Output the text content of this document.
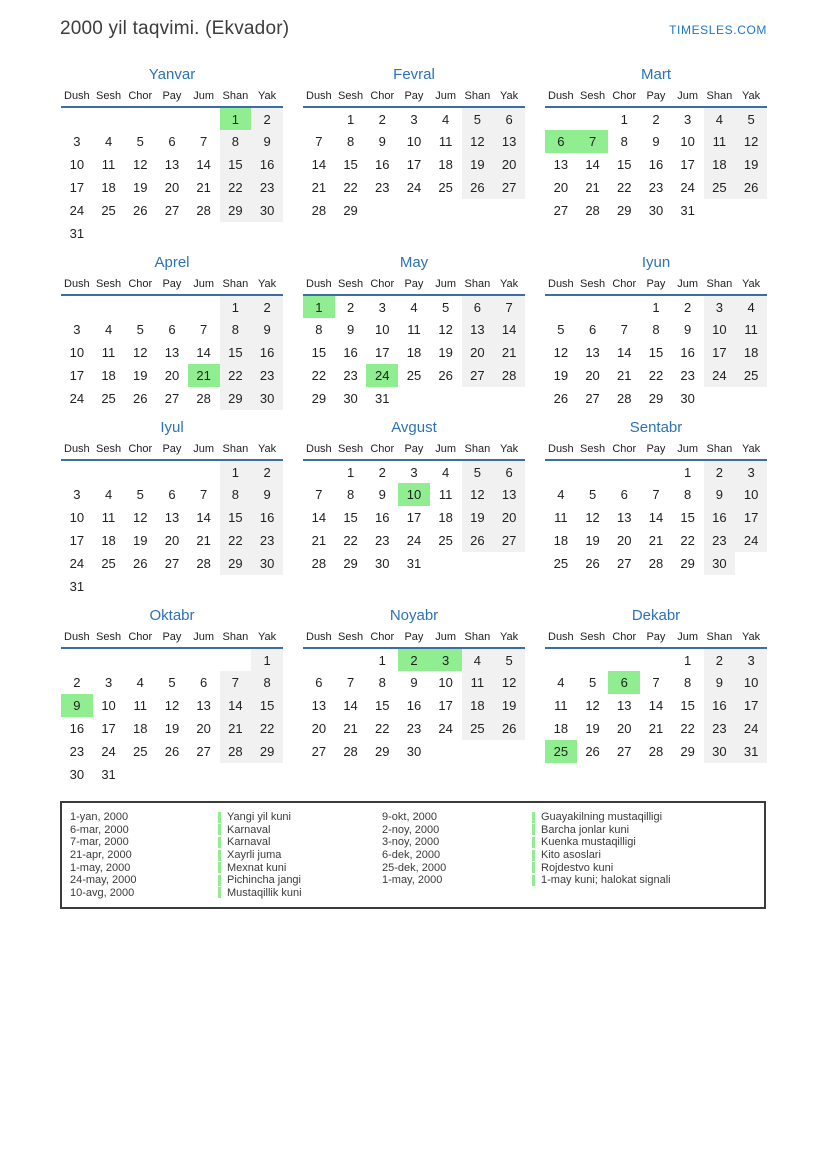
2000 yil taqvimi. (Ekvador)	TIMESLES.COM
Yanvar
Dush	Sesh	Chor	Pay	Jum	Shan	Yak
					1	2
3	4	5	6	7	8	9
10	11	12	13	14	15	16
17	18	19	20	21	22	23
24	25	26	27	28	29	30
31						
Fevral
Dush	Sesh	Chor	Pay	Jum	Shan	Yak
	1	2	3	4	5	6
7	8	9	10	11	12	13
14	15	16	17	18	19	20
21	22	23	24	25	26	27
28	29					
Mart
Dush	Sesh	Chor	Pay	Jum	Shan	Yak
		1	2	3	4	5
6	7	8	9	10	11	12
13	14	15	16	17	18	19
20	21	22	23	24	25	26
27	28	29	30	31		
Aprel
Dush	Sesh	Chor	Pay	Jum	Shan	Yak
					1	2
3	4	5	6	7	8	9
10	11	12	13	14	15	16
17	18	19	20	21	22	23
24	25	26	27	28	29	30
May
Dush	Sesh	Chor	Pay	Jum	Shan	Yak
1	2	3	4	5	6	7
8	9	10	11	12	13	14
15	16	17	18	19	20	21
22	23	24	25	26	27	28
29	30	31				
Iyun
Dush	Sesh	Chor	Pay	Jum	Shan	Yak
			1	2	3	4
5	6	7	8	9	10	11
12	13	14	15	16	17	18
19	20	21	22	23	24	25
26	27	28	29	30		
Iyul
Dush	Sesh	Chor	Pay	Jum	Shan	Yak
					1	2
3	4	5	6	7	8	9
10	11	12	13	14	15	16
17	18	19	20	21	22	23
24	25	26	27	28	29	30
31						
Avgust
Dush	Sesh	Chor	Pay	Jum	Shan	Yak
	1	2	3	4	5	6
7	8	9	10	11	12	13
14	15	16	17	18	19	20
21	22	23	24	25	26	27
28	29	30	31			
Sentabr
Dush	Sesh	Chor	Pay	Jum	Shan	Yak
				1	2	3
4	5	6	7	8	9	10
11	12	13	14	15	16	17
18	19	20	21	22	23	24
25	26	27	28	29	30	
Oktabr
Dush	Sesh	Chor	Pay	Jum	Shan	Yak
						1
2	3	4	5	6	7	8
9	10	11	12	13	14	15
16	17	18	19	20	21	22
23	24	25	26	27	28	29
30	31					
Noyabr
Dush	Sesh	Chor	Pay	Jum	Shan	Yak
		1	2	3	4	5
6	7	8	9	10	11	12
13	14	15	16	17	18	19
20	21	22	23	24	25	26
27	28	29	30			
Dekabr
Dush	Sesh	Chor	Pay	Jum	Shan	Yak
				1	2	3
4	5	6	7	8	9	10
11	12	13	14	15	16	17
18	19	20	21	22	23	24
25	26	27	28	29	30	31
1-yan, 2000	Yangi yil kuni
6-mar, 2000	Karnaval
7-mar, 2000	Karnaval
21-apr, 2000	Xayrli juma
1-may, 2000	Mexnat kuni
24-may, 2000	Pichincha jangi
10-avg, 2000	Mustaqillik kuni
9-okt, 2000	Guayakilning mustaqilligi
2-noy, 2000	Barcha jonlar kuni
3-noy, 2000	Kuenka mustaqilligi
6-dek, 2000	Kito asoslari
25-dek, 2000	Rojdestvo kuni
1-may, 2000	1-may kuni; halokat signali
